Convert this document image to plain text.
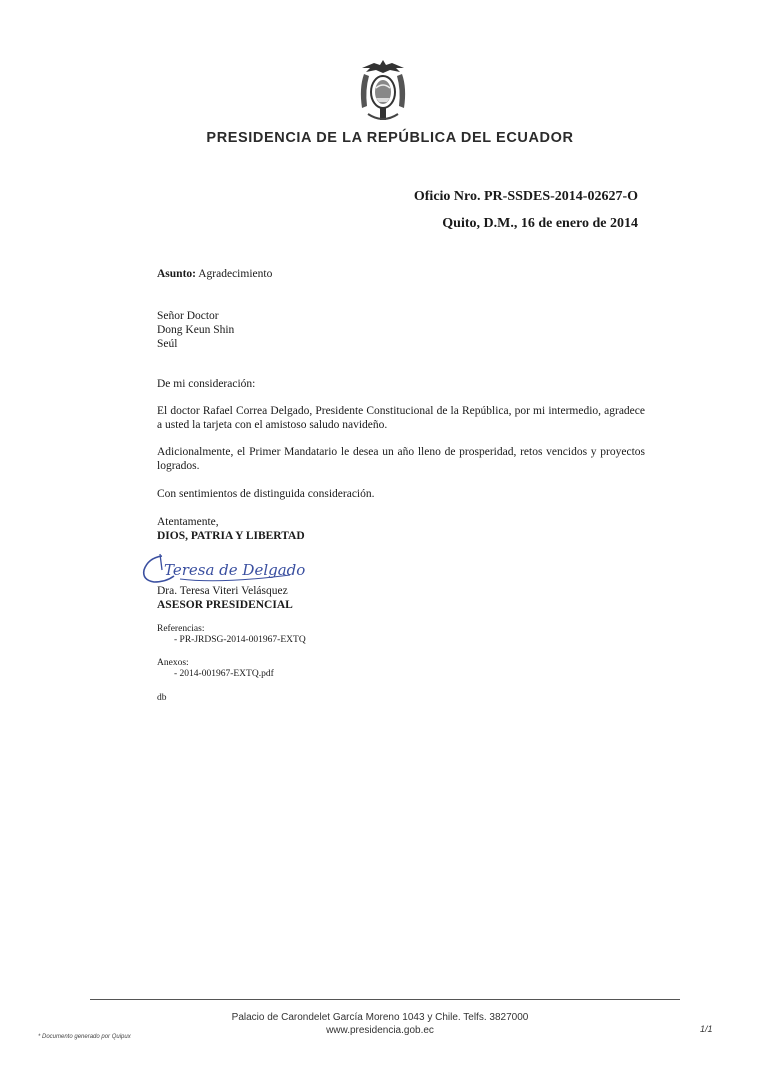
PRESIDENCIA DE LA REPÚBLICA DEL ECUADOR
Oficio Nro. PR-SSDES-2014-02627-O
Quito, D.M., 16 de enero de 2014
Asunto: Agradecimiento
Señor Doctor
Dong Keun Shin
Seúl
De mi consideración:
El doctor Rafael Correa Delgado, Presidente Constitucional de la República, por mi intermedio, agradece a usted la tarjeta con el amistoso saludo navideño.
Adicionalmente, el Primer Mandatario le desea un año lleno de prosperidad, retos vencidos y proyectos logrados.
Con sentimientos de distinguida consideración.
Atentamente,
DIOS, PATRIA Y LIBERTAD
Teresa de Delgado
Dra. Teresa Viteri Velásquez
ASESOR PRESIDENCIAL
Referencias:
- PR-JRDSG-2014-001967-EXTQ
Anexos:
- 2014-001967-EXTQ.pdf
db
Palacio de Carondelet García Moreno 1043 y Chile. Telfs. 3827000
www.presidencia.gob.ec
* Documento generado por Quipux
1/1
